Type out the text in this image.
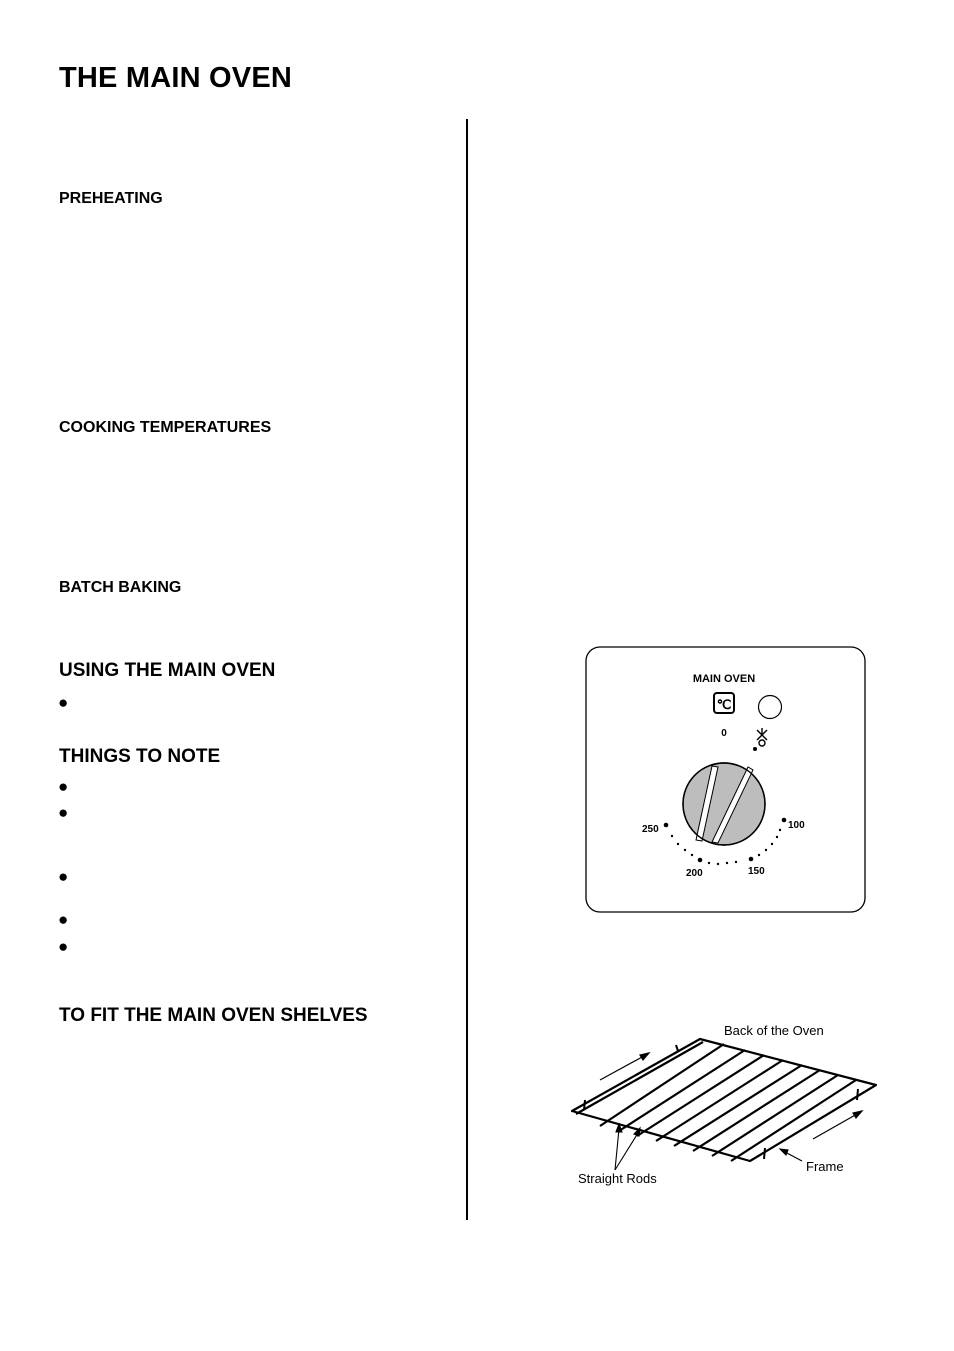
THE MAIN OVEN
PREHEATING
COOKING TEMPERATURES
BATCH BAKING
USING THE MAIN OVEN
●
THINGS TO NOTE
●
●
●
●
●
TO FIT THE MAIN OVEN SHELVES
MAIN OVEN
℃
0
250
200	150
100
Back of the Oven
Straight Rods
Frame
